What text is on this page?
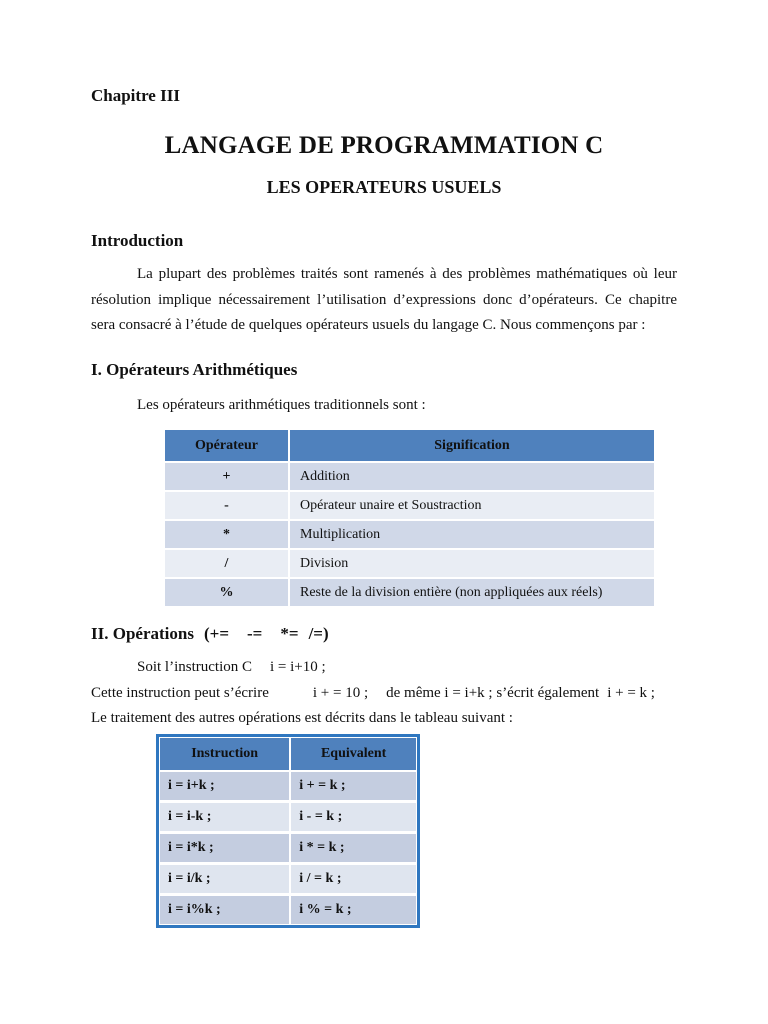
Chapitre III
LANGAGE DE PROGRAMMATION C
LES OPERATEURS USUELS
Introduction
La plupart des problèmes traités sont ramenés à des problèmes mathématiques où leur résolution implique nécessairement l’utilisation d’expressions donc d’opérateurs. Ce chapitre sera consacré à l’étude de quelques opérateurs usuels du langage C. Nous commençons par :
I. Opérateurs Arithmétiques
Les opérateurs arithmétiques traditionnels sont :
Opérateur	Signification
+	Addition
-	Opérateur unaire et Soustraction
*	Multiplication
/	Division
%	Reste de la division entière (non appliquées aux réels)
II. Opérations (+= -= *= /=)
Soit l’instruction C i = i+10 ;
Cette instruction peut s’écrire	i + = 10 ; de même i = i+k ; s’écrit également i + = k ;
Le traitement des autres opérations est décrits dans le tableau suivant :
Instruction	Equivalent
i = i+k ;	i + = k ;
i = i-k ;	i - = k ;
i = i*k ;	i * = k ;
i = i/k ;	i / = k ;
i = i%k ;	i % = k ;
